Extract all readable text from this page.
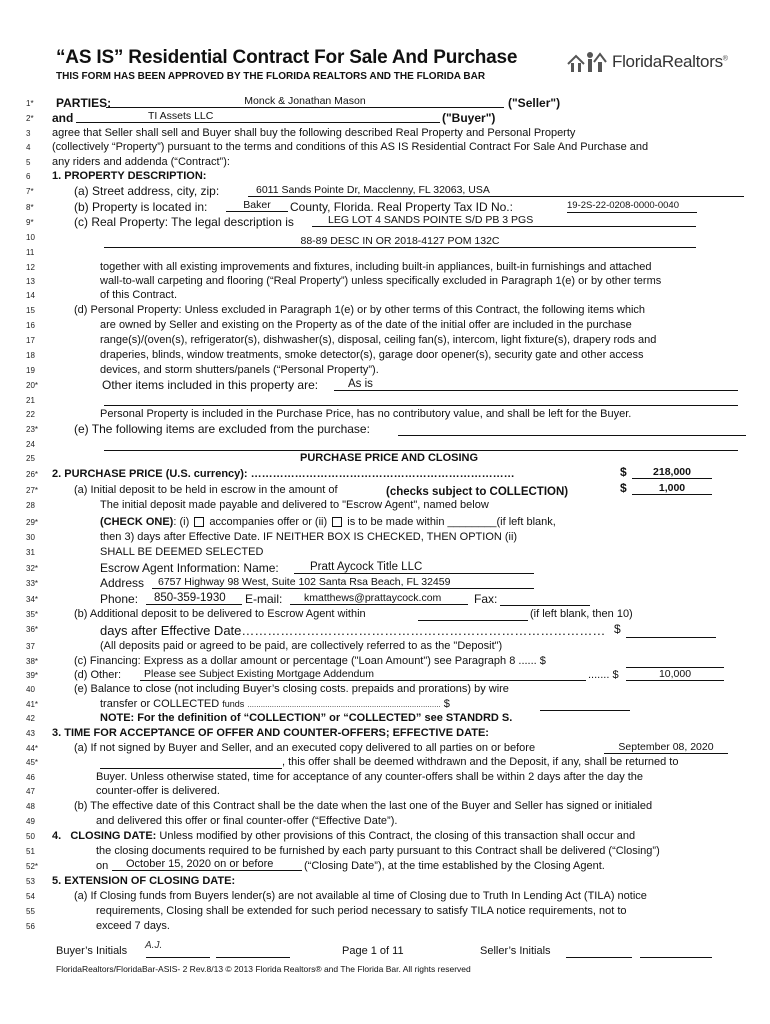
“AS IS” Residential Contract For Sale And Purchase
THIS FORM HAS BEEN APPROVED BY THE FLORIDA REALTORS AND THE FLORIDA BAR
FloridaRealtors®
1*
2*
3
4
5
6
7*
8*
9*
10
11
12
13
14
15
16
17
18
19
20*
21
22
23*
24
25
26*
27*
28
29*
30
31
32*
33*
34*
35*
36*
37
38*
39*
40
41*
42
43
44*
45*
46
47
48
49
50
51
52*
53
54
55
56
PARTIES:	Monck & Jonathan Mason	("Seller")
and	TI Assets LLC	("Buyer")
agree that Seller shall sell and Buyer shall buy the following described Real Property and Personal Property
(collectively “Property”) pursuant to the terms and conditions of this AS IS Residential Contract For Sale And Purchase and
any riders and addenda (“Contract”):
1. PROPERTY DESCRIPTION:
(a) Street address, city, zip:	6011 Sands Pointe Dr, Macclenny, FL 32063, USA
(b) Property is located in:	Baker	County, Florida. Real Property Tax ID No.:	19-2S-22-0208-0000-0040
(c) Real Property: The legal description is	LEG LOT 4 SANDS POINTE S/D PB 3 PGS
88-89 DESC IN OR 2018-4127 POM 132C
together with all existing improvements and fixtures, including built-in appliances, built-in furnishings and attached
wall-to-wall carpeting and flooring (“Real Property”) unless specifically excluded in Paragraph 1(e) or by other terms
of this Contract.
(d) Personal Property: Unless excluded in Paragraph 1(e) or by other terms of this Contract, the following items which
are owned by Seller and existing on the Property as of the date of the initial offer are included in the purchase
range(s)/(oven(s), refrigerator(s), dishwasher(s), disposal, ceiling fan(s), intercom, light fixture(s), drapery rods and
draperies, blinds, window treatments, smoke detector(s), garage door opener(s), security gate and other access
devices, and storm shutters/panels (“Personal Property”).
Other items included in this property are:	As is
Personal Property is included in the Purchase Price, has no contributory value, and shall be left for the Buyer.
(e) The following items are excluded from the purchase:
PURCHASE PRICE AND CLOSING
2. PURCHASE PRICE (U.S. currency): ………………………………………………………………	$	218,000
(a) Initial deposit to be held in escrow in the amount of	(checks subject to COLLECTION)	$	1,000
The initial deposit made payable and delivered to "Escrow Agent", named below
(CHECK ONE): (i) accompanies offer or (ii) is to be made within ________(if left blank,
then 3) days after Effective Date. IF NEITHER BOX IS CHECKED, THEN OPTION (ii)
SHALL BE DEEMED SELECTED
Escrow Agent Information: Name:	Pratt Aycock Title LLC
Address	6757 Highway 98 West, Suite 102 Santa Rsa Beach, FL 32459
Phone:	850-359-1930	E-mail:	kmatthews@prattaycock.com	Fax:
(b) Additional deposit to be delivered to Escrow Agent within	(if left blank, then 10)
days after Effective Date………………………………………………………………………… $
(All deposits paid or agreed to be paid, are collectively referred to as the "Deposit")
(c) Financing: Express as a dollar amount or percentage ("Loan Amount") see Paragraph 8 ...... $
(d) Other:	Please see Subject Existing Mortgage Addendum	....... $	10,000
(e) Balance to close (not including Buyer’s closing costs. prepaids and prorations) by wire
transfer or COLLECTED funds ....................................................................................... $
NOTE: For the definition of “COLLECTION” or “COLLECTED” see STANDRD S.
3. TIME FOR ACCEPTANCE OF OFFER AND COUNTER-OFFERS; EFFECTIVE DATE:
(a) If not signed by Buyer and Seller, and an executed copy delivered to all parties on or before	September 08, 2020
, this offer shall be deemed withdrawn and the Deposit, if any, shall be returned to
Buyer. Unless otherwise stated, time for acceptance of any counter-offers shall be within 2 days after the day the
counter-offer is delivered.
(b) The effective date of this Contract shall be the date when the last one of the Buyer and Seller has signed or initialed
and delivered this offer or final counter-offer (“Effective Date”).
4. CLOSING DATE: Unless modified by other provisions of this Contract, the closing of this transaction shall occur and
the closing documents required to be furnished by each party pursuant to this Contract shall be delivered (“Closing”)
on	October 15, 2020 on or before	(“Closing Date”), at the time established by the Closing Agent.
5. EXTENSION OF CLOSING DATE:
(a) If Closing funds from Buyers lender(s) are not available al time of Closing due to Truth In Lending Act (TILA) notice
requirements, Closing shall be extended for such period necessary to satisfy TILA notice requirements, not to
exceed 7 days.
Buyer’s Initials A.J.	Page 1 of 11	Seller’s Initials
FloridaRealtors/FloridaBar-ASIS- 2 Rev.8/13 © 2013 Florida Realtors® and The Florida Bar. All rights reserved
